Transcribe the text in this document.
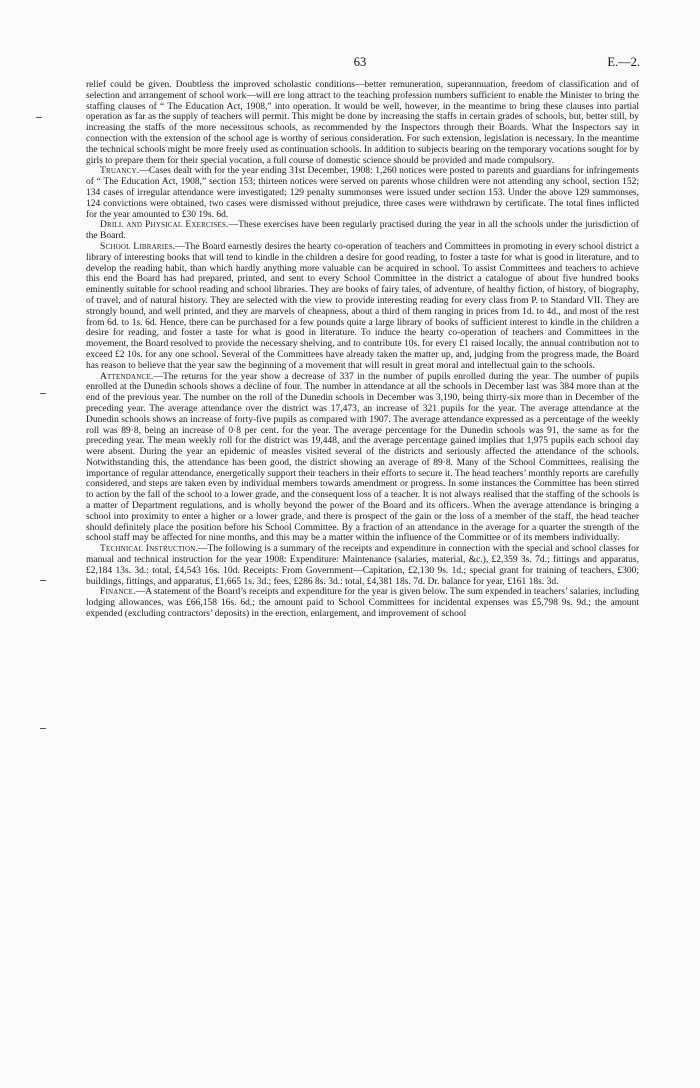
63	E.—2.

relief could be given. Doubtless the improved scholastic conditions—better remuneration, superannuation, freedom of classification and of selection and arrangement of school work—will ere long attract to the teaching profession numbers sufficient to enable the Minister to bring the staffing clauses of “ The Education Act, 1908,” into operation. It would be well, however, in the meantime to bring these clauses into partial operation as far as the supply of teachers will permit. This might be done by increasing the staffs in certain grades of schools, but, better still, by increasing the staffs of the more necessitous schools, as recommended by the Inspectors through their Boards. What the Inspectors say in connection with the extension of the school age is worthy of serious consideration. For such extension, legislation is necessary. In the meantime the technical schools might be more freely used as continuation schools. In addition to subjects bearing on the temporary vocations sought for by girls to prepare them for their special vocation, a full course of domestic science should be provided and made compulsory.

Truancy.—Cases dealt with for the year ending 31st December, 1908: 1,260 notices were posted to parents and guardians for infringements of “ The Education Act, 1908,” section 153; thirteen notices were served on parents whose children were not attending any school, section 152; 134 cases of irregular attendance were investigated; 129 penalty summonses were issued under section 153. Under the above 129 summonses, 124 convictions were obtained, two cases were dismissed without prejudice, three cases were withdrawn by certificate. The total fines inflicted for the year amounted to £30 19s. 6d.

Drill and Physical Exercises.—These exercises have been regularly practised during the year in all the schools under the jurisdiction of the Board.

School Libraries.—The Board earnestly desires the hearty co-operation of teachers and Committees in promoting in every school district a library of interesting books that will tend to kindle in the children a desire for good reading, to foster a taste for what is good in literature, and to develop the reading habit, than which hardly anything more valuable can be acquired in school. To assist Committees and teachers to achieve this end the Board has had prepared, printed, and sent to every School Committee in the district a catalogue of about five hundred books eminently suitable for school reading and school libraries. They are books of fairy tales, of adventure, of healthy fiction, of history, of biography, of travel, and of natural history. They are selected with the view to provide interesting reading for every class from P. to Standard VII. They are strongly bound, and well printed, and they are marvels of cheapness, about a third of them ranging in prices from 1d. to 4d., and most of the rest from 6d. to 1s. 6d. Hence, there can be purchased for a few pounds quite a large library of books of sufficient interest to kindle in the children a desire for reading, and foster a taste for what is good in literature. To induce the hearty co-operation of teachers and Committees in the movement, the Board resolved to provide the necessary shelving, and to contribute 10s. for every £1 raised locally, the annual contribution not to exceed £2 10s. for any one school. Several of the Committees have already taken the matter up, and, judging from the progress made, the Board has reason to believe that the year saw the beginning of a movement that will result in great moral and intellectual gain to the schools.

Attendance.—The returns for the year show a decrease of 337 in the number of pupils enrolled during the year. The number of pupils enrolled at the Dunedin schools shows a decline of four. The number in attendance at all the schools in December last was 384 more than at the end of the previous year. The number on the roll of the Dunedin schools in December was 3,190, being thirty-six more than in December of the preceding year. The average attendance over the district was 17,473, an increase of 321 pupils for the year. The average attendance at the Dunedin schools shows an increase of forty-five pupils as compared with 1907. The average attendance expressed as a percentage of the weekly roll was 89·8, being an increase of 0·8 per cent. for the year. The average percentage for the Dunedin schools was 91, the same as for the preceding year. The mean weekly roll for the district was 19,448, and the average percentage gained implies that 1,975 pupils each school day were absent. During the year an epidemic of measles visited several of the districts and seriously affected the attendance of the schools. Notwithstanding this, the attendance has been good, the district showing an average of 89·8. Many of the School Committees, realising the importance of regular attendance, energetically support their teachers in their efforts to secure it. The head teachers’ monthly reports are carefully considered, and steps are taken even by individual members towards amendment or progress. In some instances the Committee has been stirred to action by the fall of the school to a lower grade, and the consequent loss of a teacher. It is not always realised that the staffing of the schools is a matter of Department regulations, and is wholly beyond the power of the Board and its officers. When the average attendance is bringing a school into proximity to enter a higher or a lower grade, and there is prospect of the gain or the loss of a member of the staff, the head teacher should definitely place the position before his School Committee. By a fraction of an attendance in the average for a quarter the strength of the school staff may be affected for nine months, and this may be a matter within the influence of the Committee or of its members individually.

Technical Instruction.—The following is a summary of the receipts and expenditure in connection with the special and school classes for manual and technical instruction for the year 1908: Expenditure: Maintenance (salaries, material, &c.), £2,359 3s. 7d.; fittings and apparatus, £2,184 13s. 3d.: total, £4,543 16s. 10d. Receipts: From Government—Capitation, £2,130 9s. 1d.; special grant for training of teachers, £300; buildings, fittings, and apparatus, £1,665 1s. 3d.; fees, £286 8s. 3d.: total, £4,381 18s. 7d. Dr. balance for year, £161 18s. 3d.

Finance.—A statement of the Board’s receipts and expenditure for the year is given below. The sum expended in teachers’ salaries, including lodging allowances, was £66,158 16s. 6d.; the amount paid to School Committees for incidental expenses was £5,798 9s. 9d.; the amount expended (excluding contractors’ deposits) in the erection, enlargement, and improvement of school
